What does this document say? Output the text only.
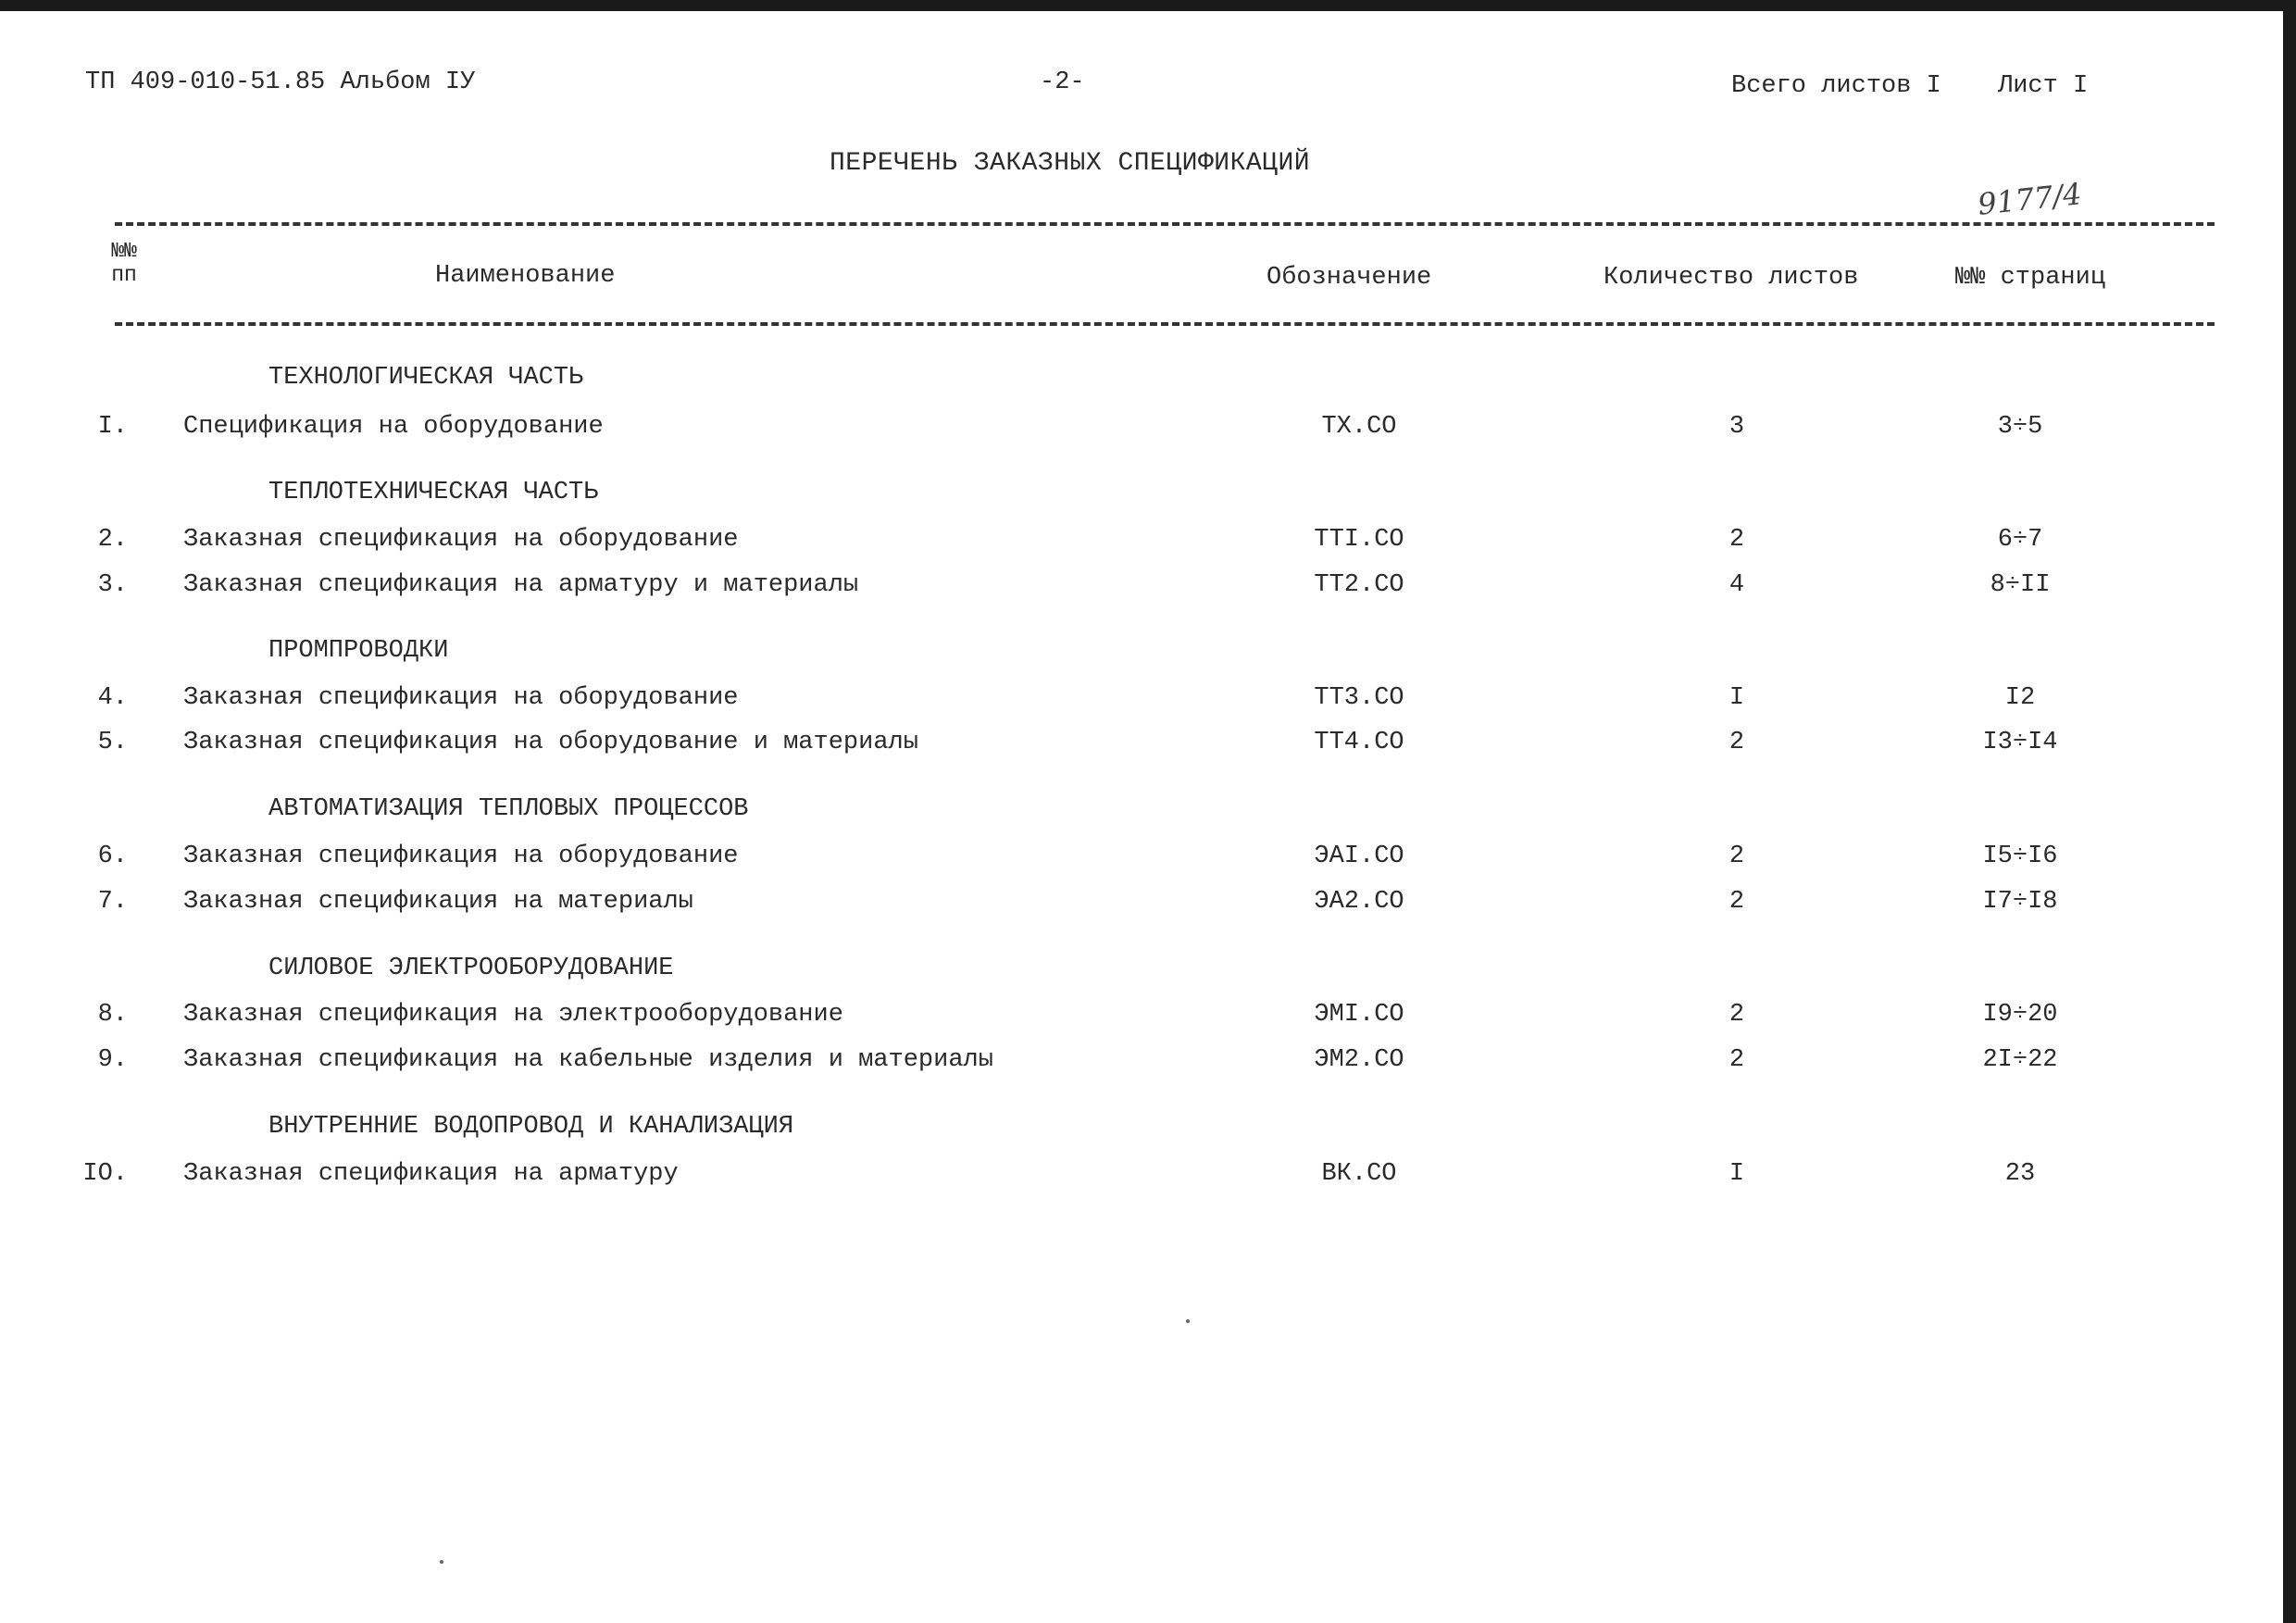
ТП 409-010-51.85 Альбом IУ	-2-	Всего листов I Лист I
ПЕРЕЧЕНЬ ЗАКАЗНЫХ СПЕЦИФИКАЦИЙ
9177/4
№№
пп	Наименование	Обозначение	Количество листов	№№ страниц
ТЕХНОЛОГИЧЕСКАЯ ЧАСТЬ
I. Спецификация на оборудование	ТХ.СО	3	3÷5
ТЕПЛОТЕХНИЧЕСКАЯ ЧАСТЬ
2. Заказная спецификация на оборудование	ТТI.СО	2	6÷7
3. Заказная спецификация на арматуру и материалы	ТТ2.СО	4	8÷II
ПРОМПРОВОДКИ
4. Заказная спецификация на оборудование	ТТ3.СО	I	I2
5. Заказная спецификация на оборудование и материалы	ТТ4.СО	2	I3÷I4
АВТОМАТИЗАЦИЯ ТЕПЛОВЫХ ПРОЦЕССОВ
6. Заказная спецификация на оборудование	ЭАI.СО	2	I5÷I6
7. Заказная спецификация на материалы	ЭА2.СО	2	I7÷I8
СИЛОВОЕ ЭЛЕКТРООБОРУДОВАНИЕ
8. Заказная спецификация на электрооборудование	ЭМI.СО	2	I9÷20
9. Заказная спецификация на кабельные изделия и материалы	ЭМ2.СО	2	2I÷22
ВНУТРЕННИЕ ВОДОПРОВОД И КАНАЛИЗАЦИЯ
IO. Заказная спецификация на арматуру	ВК.СО	I	23
